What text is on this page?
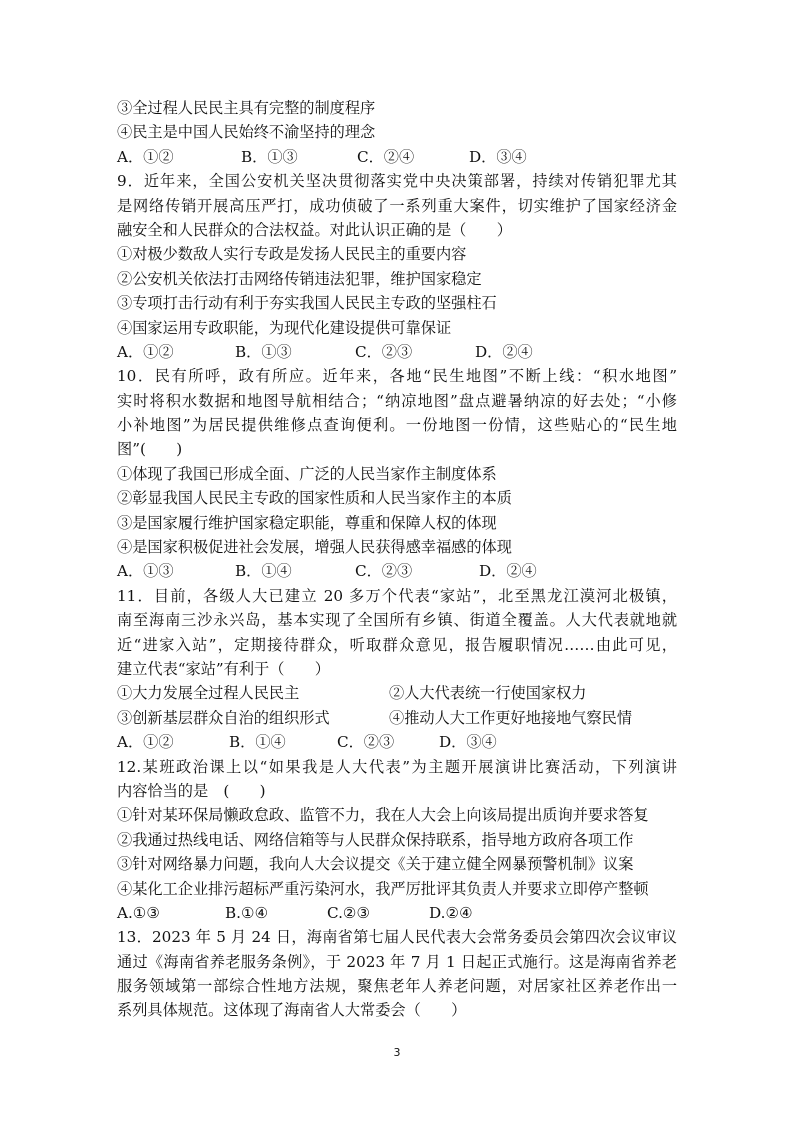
③全过程人民民主具有完整的制度程序
④民主是中国人民始终不渝坚持的理念
A．①②	B．①③	C．②④	D．③④
9．近年来，全国公安机关坚决贯彻落实党中央决策部署，持续对传销犯罪尤其
是网络传销开展高压严打，成功侦破了一系列重大案件，切实维护了国家经济金
融安全和人民群众的合法权益。对此认识正确的是（　　）
①对极少数敌人实行专政是发扬人民民主的重要内容
②公安机关依法打击网络传销违法犯罪，维护国家稳定
③专项打击行动有利于夯实我国人民民主专政的坚强柱石
④国家运用专政职能，为现代化建设提供可靠保证
A．①②	B．①③	C．②③	D．②④
10．民有所呼，政有所应。近年来，各地“民生地图”不断上线：“积水地图”
实时将积水数据和地图导航相结合；“纳凉地图”盘点避暑纳凉的好去处；“小修
小补地图”为居民提供维修点查询便利。一份地图一份情，这些贴心的“民生地
图”(　　)
①体现了我国已形成全面、广泛的人民当家作主制度体系
②彰显我国人民民主专政的国家性质和人民当家作主的本质
③是国家履行维护国家稳定职能，尊重和保障人权的体现
④是国家积极促进社会发展，增强人民获得感幸福感的体现
A．①③	B．①④	C．②③	D．②④
11．目前，各级人大已建立 20 多万个代表“家站”，北至黑龙江漠河北极镇，
南至海南三沙永兴岛，基本实现了全国所有乡镇、街道全覆盖。人大代表就地就
近“进家入站”，定期接待群众，听取群众意见，报告履职情况……由此可见，
建立代表“家站”有利于（　　）
①大力发展全过程人民民主	②人大代表统一行使国家权力
③创新基层群众自治的组织形式	④推动人大工作更好地接地气察民情
A．①②	B．①④	C．②③	D．③④
12.某班政治课上以“如果我是人大代表”为主题开展演讲比赛活动，下列演讲
内容恰当的是　(　　)
①针对某环保局懒政怠政、监管不力，我在人大会上向该局提出质询并要求答复
②我通过热线电话、网络信箱等与人民群众保持联系，指导地方政府各项工作
③针对网络暴力问题，我向人大会议提交《关于建立健全网暴预警机制》议案
④某化工企业排污超标严重污染河水，我严厉批评其负责人并要求立即停产整顿
A.①③	B.①④	C.②③	D.②④
13．2023 年 5 月 24 日，海南省第七届人民代表大会常务委员会第四次会议审议
通过《海南省养老服务条例》，于 2023 年 7 月 1 日起正式施行。这是海南省养老
服务领域第一部综合性地方法规，聚焦老年人养老问题，对居家社区养老作出一
系列具体规范。这体现了海南省人大常委会（　　）
3
